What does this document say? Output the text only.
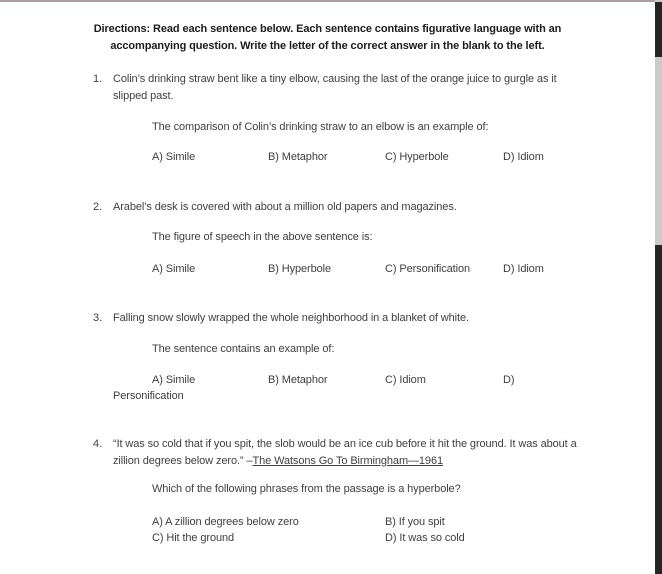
Directions: Read each sentence below. Each sentence contains figurative language with an accompanying question. Write the letter of the correct answer in the blank to the left.
1. Colin’s drinking straw bent like a tiny elbow, causing the last of the orange juice to gurgle as it slipped past.
The comparison of Colin’s drinking straw to an elbow is an example of:
A) Simile	B) Metaphor	C) Hyperbole	D) Idiom
2. Arabel’s desk is covered with about a million old papers and magazines.
The figure of speech in the above sentence is:
A) Simile	B) Hyperbole	C) Personification	D) Idiom
3. Falling snow slowly wrapped the whole neighborhood in a blanket of white.
The sentence contains an example of:
A) Simile	B) Metaphor	C) Idiom	D)
Personification
4. “It was so cold that if you spit, the slob would be an ice cub before it hit the ground. It was about a zillion degrees below zero.” –The Watsons Go To Birmingham—1961
Which of the following phrases from the passage is a hyperbole?
A) A zillion degrees below zero	B) If you spit
C) Hit the ground	D) It was so cold
